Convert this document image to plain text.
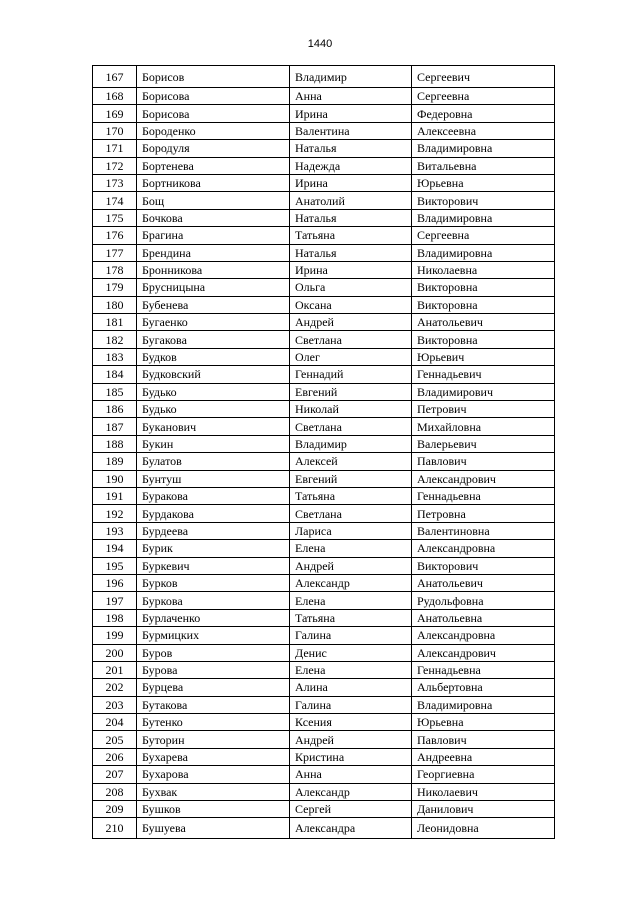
1440
167	Борисов	Владимир	Сергеевич
168	Борисова	Анна	Сергеевна
169	Борисова	Ирина	Федеровна
170	Бороденко	Валентина	Алексеевна
171	Бородуля	Наталья	Владимировна
172	Бортенева	Надежда	Витальевна
173	Бортникова	Ирина	Юрьевна
174	Бощ	Анатолий	Викторович
175	Бочкова	Наталья	Владимировна
176	Брагина	Татьяна	Сергеевна
177	Брендина	Наталья	Владимировна
178	Бронникова	Ирина	Николаевна
179	Брусницына	Ольга	Викторовна
180	Бубенева	Оксана	Викторовна
181	Бугаенко	Андрей	Анатольевич
182	Бугакова	Светлана	Викторовна
183	Будков	Олег	Юрьевич
184	Будковский	Геннадий	Геннадьевич
185	Будько	Евгений	Владимирович
186	Будько	Николай	Петрович
187	Буканович	Светлана	Михайловна
188	Букин	Владимир	Валерьевич
189	Булатов	Алексей	Павлович
190	Бунтуш	Евгений	Александрович
191	Буракова	Татьяна	Геннадьевна
192	Бурдакова	Светлана	Петровна
193	Бурдеева	Лариса	Валентиновна
194	Бурик	Елена	Александровна
195	Буркевич	Андрей	Викторович
196	Бурков	Александр	Анатольевич
197	Буркова	Елена	Рудольфовна
198	Бурлаченко	Татьяна	Анатольевна
199	Бурмицких	Галина	Александровна
200	Буров	Денис	Александрович
201	Бурова	Елена	Геннадьевна
202	Бурцева	Алина	Альбертовна
203	Бутакова	Галина	Владимировна
204	Бутенко	Ксения	Юрьевна
205	Буторин	Андрей	Павлович
206	Бухарева	Кристина	Андреевна
207	Бухарова	Анна	Георгиевна
208	Бухвак	Александр	Николаевич
209	Бушков	Сергей	Данилович
210	Бушуева	Александра	Леонидовна
